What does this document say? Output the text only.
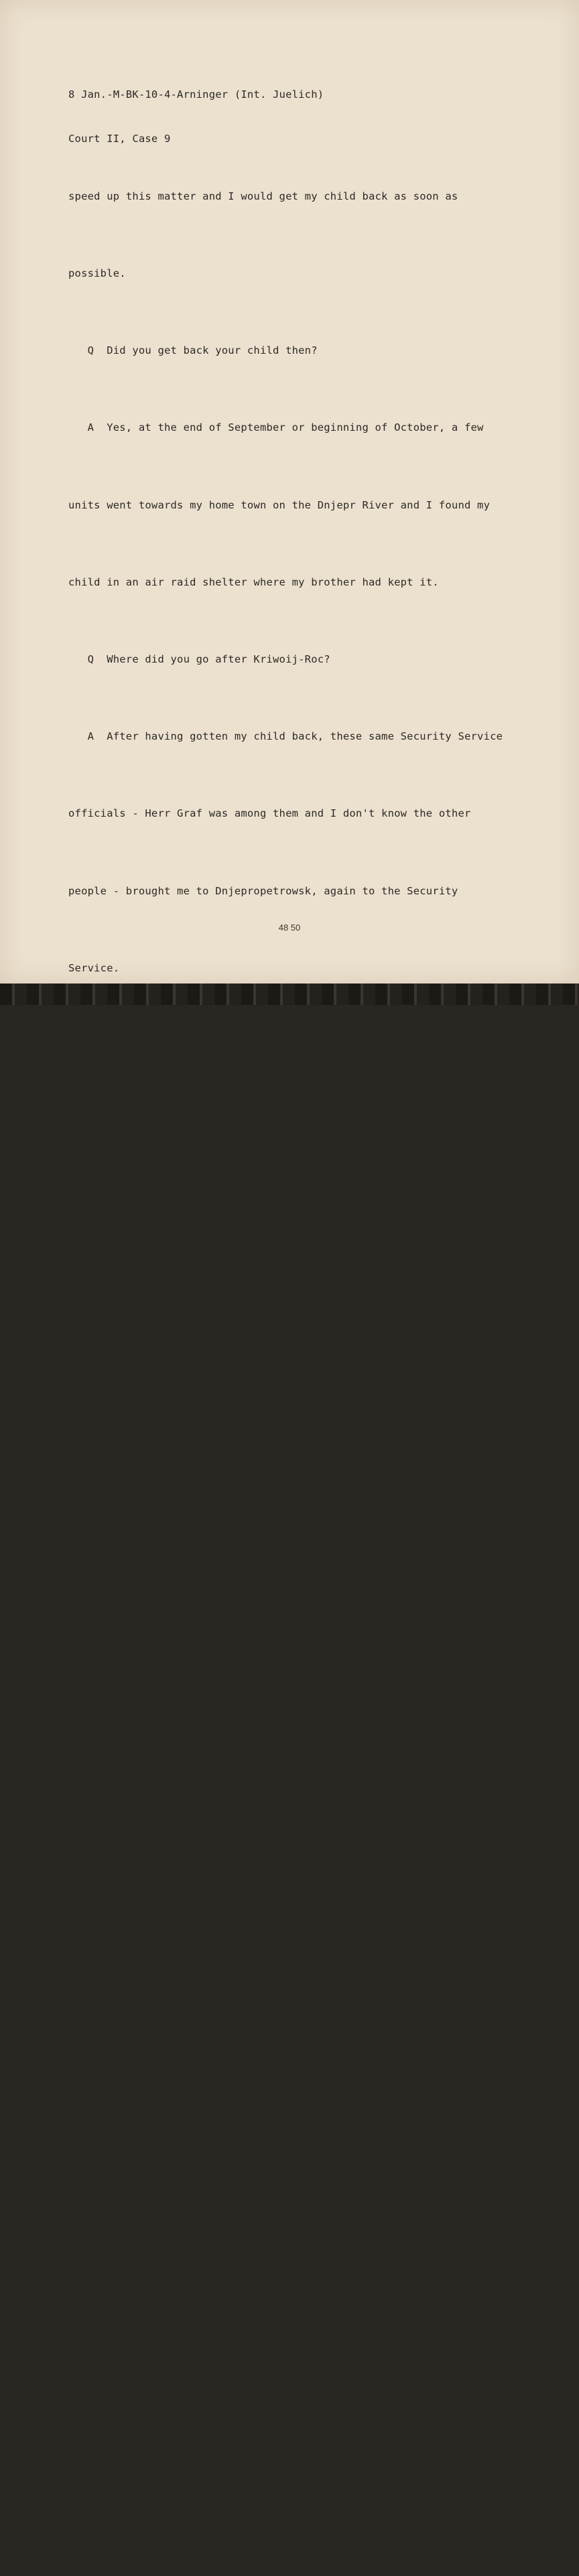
8 Jan.-M-BK-10-4-Arninger (Int. Juelich)

Court II, Case 9

speed up this matter and I would get my child back as soon as

possible.

Q  Did you get back your child then?

A  Yes, at the end of September or beginning of October, a few

units went towards my home town on the Dnjepr River and I found my

child in an air raid shelter where my brother had kept it.

Q  Where did you go after Kriwoij-Roc?

A  After having gotten my child back, these same Security Service

officials - Herr Graf was among them and I don't know the other

people - brought me to Dnjepropetrowsk, again to the Security

Service.

Q  How long did you remain in Dnjepropetrowsk?

A  First of all, I was taken into protective custody by the

Security Service until part of perhaps the entire EK 6  - I don't

know which - was transferred to Dnjepropetrowsk and bb chance Herr

Graf and I met in the corridor of the Security Service building. Then

he promised me again to intervene with Standartenfuehrer Kroeger as

to whether my living conditions could not be changed, and that they

would give me some work to do and that  my child would receive

medical care.

Q Did you see Herr Graf repeatedly in Dnjepropetrowsk?

A  In Kriwoij-Roc Herr Graf had asked me to give him lessons in the

Russian language and Herr Schulze also and I did that in Kriwoij-Roc.

At the same time Herr Graf gave me English lessons to make up for it.

In Dnjepropetrowsk these language lessons were continued two or three

times a week.

Q What observations could you make about the official activities of

Herr Graf?

A  None, really.  Of course, we only talked about private matters.

Q  In Kriwoij-Roc and Dnjepropetrowsk did you have any opportunity

to tak to the civilian population?

48 50
